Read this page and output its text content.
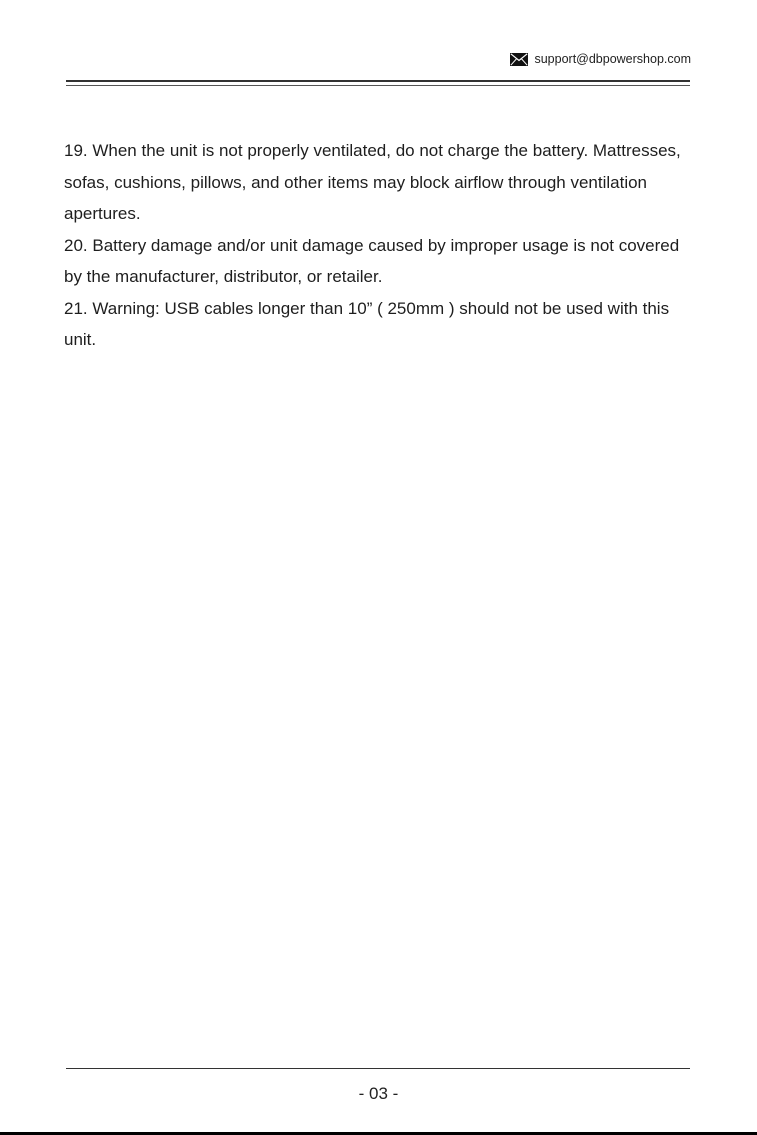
support@dbpowershop.com

19. When the unit is not properly ventilated, do not charge the battery. Mattresses, sofas, cushions, pillows, and other items may block airflow through ventilation apertures.

20. Battery damage and/or unit damage caused by improper usage is not covered by the manufacturer, distributor, or retailer.

21. Warning: USB cables longer than 10” ( 250mm ) should not be used with this unit.

- 03 -
